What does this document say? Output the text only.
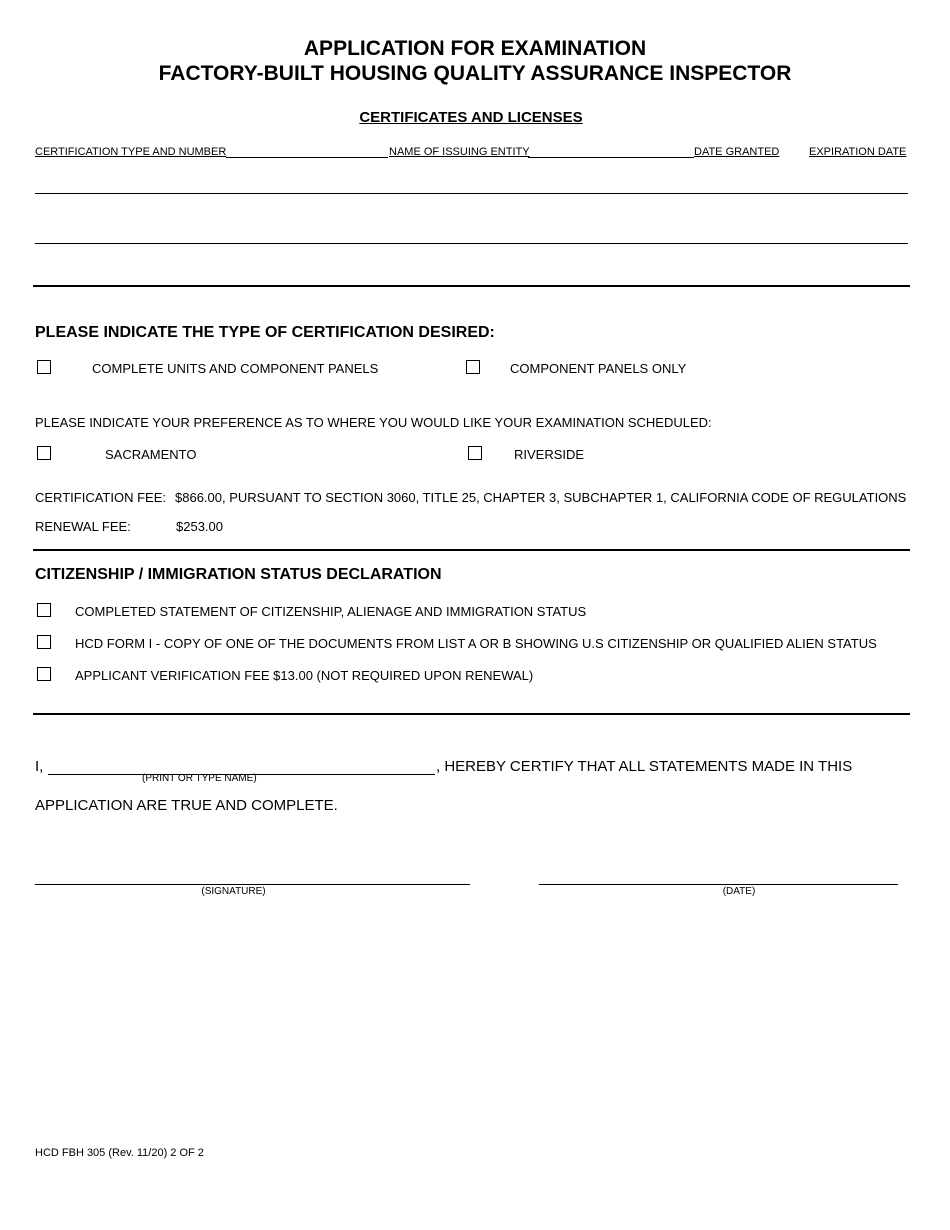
APPLICATION FOR EXAMINATION
FACTORY-BUILT HOUSING QUALITY ASSURANCE INSPECTOR
CERTIFICATES AND LICENSES
CERTIFICATION TYPE AND NUMBER	NAME OF ISSUING ENTITY	DATE GRANTED	EXPIRATION DATE
PLEASE INDICATE THE TYPE OF CERTIFICATION DESIRED:
COMPLETE UNITS AND COMPONENT PANELS	COMPONENT PANELS ONLY
PLEASE INDICATE YOUR PREFERENCE AS TO WHERE YOU WOULD LIKE YOUR EXAMINATION SCHEDULED:
SACRAMENTO	RIVERSIDE
CERTIFICATION FEE: $866.00, PURSUANT TO SECTION 3060, TITLE 25, CHAPTER 3, SUBCHAPTER 1, CALIFORNIA CODE OF REGULATIONS
RENEWAL FEE:	$253.00
CITIZENSHIP / IMMIGRATION STATUS DECLARATION
COMPLETED STATEMENT OF CITIZENSHIP, ALIENAGE AND IMMIGRATION STATUS
HCD FORM I - COPY OF ONE OF THE DOCUMENTS FROM LIST A OR B SHOWING U.S CITIZENSHIP OR QUALIFIED ALIEN STATUS
APPLICANT VERIFICATION FEE $13.00 (NOT REQUIRED UPON RENEWAL)
I,	, HEREBY CERTIFY THAT ALL STATEMENTS MADE IN THIS
(PRINT OR TYPE NAME)
APPLICATION ARE TRUE AND COMPLETE.
(SIGNATURE)	(DATE)
HCD FBH 305 (Rev. 11/20) 2 OF 2
